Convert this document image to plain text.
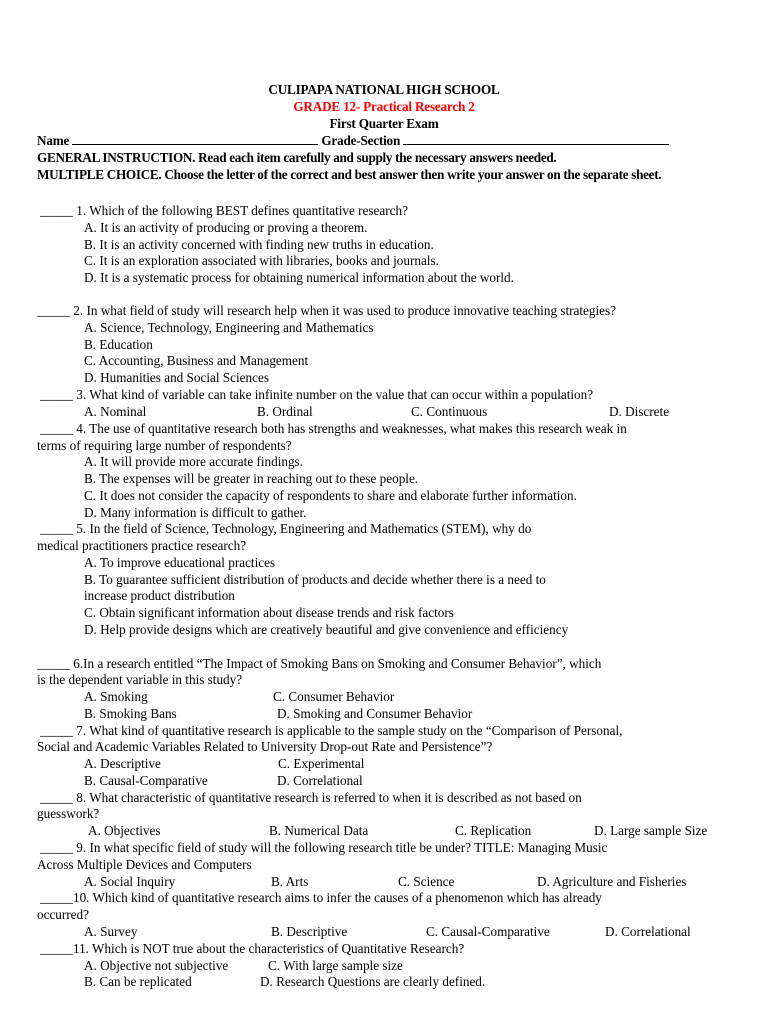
CULIPAPA NATIONAL HIGH SCHOOL
GRADE 12- Practical Research 2
First Quarter Exam
Name	Grade-Section
GENERAL INSTRUCTION. Read each item carefully and supply the necessary answers needed.
MULTIPLE CHOICE. Choose the letter of the correct and best answer then write your answer on the separate sheet.
_____ 1. Which of the following BEST defines quantitative research?
A. It is an activity of producing or proving a theorem.
B. It is an activity concerned with finding new truths in education.
C. It is an exploration associated with libraries, books and journals.
D. It is a systematic process for obtaining numerical information about the world.
_____ 2. In what field of study will research help when it was used to produce innovative teaching strategies?
A. Science, Technology, Engineering and Mathematics
B. Education
C. Accounting, Business and Management
D. Humanities and Social Sciences
_____ 3. What kind of variable can take infinite number on the value that can occur within a population?
A. Nominal	B. Ordinal	C. Continuous	D. Discrete
_____ 4. The use of quantitative research both has strengths and weaknesses, what makes this research weak in
terms of requiring large number of respondents?
A. It will provide more accurate findings.
B. The expenses will be greater in reaching out to these people.
C. It does not consider the capacity of respondents to share and elaborate further information.
D. Many information is difficult to gather.
_____ 5. In the field of Science, Technology, Engineering and Mathematics (STEM), why do
medical practitioners practice research?
A. To improve educational practices
B. To guarantee sufficient distribution of products and decide whether there is a need to
increase product distribution
C. Obtain significant information about disease trends and risk factors
D. Help provide designs which are creatively beautiful and give convenience and efficiency
_____ 6.In a research entitled “The Impact of Smoking Bans on Smoking and Consumer Behavior”, which
is the dependent variable in this study?
A. Smoking	C. Consumer Behavior
B. Smoking Bans	D. Smoking and Consumer Behavior
_____ 7. What kind of quantitative research is applicable to the sample study on the “Comparison of Personal,
Social and Academic Variables Related to University Drop-out Rate and Persistence”?
A. Descriptive	C. Experimental
B. Causal-Comparative	D. Correlational
_____ 8. What characteristic of quantitative research is referred to when it is described as not based on
guesswork?
A. Objectives	B. Numerical Data	C. Replication	D. Large sample Size
_____ 9. In what specific field of study will the following research title be under? TITLE: Managing Music
Across Multiple Devices and Computers
A. Social Inquiry	B. Arts	C. Science	D. Agriculture and Fisheries
_____10. Which kind of quantitative research aims to infer the causes of a phenomenon which has already
occurred?
A. Survey	B. Descriptive	C. Causal-Comparative	D. Correlational
_____11. Which is NOT true about the characteristics of Quantitative Research?
A. Objective not subjective	C. With large sample size
B. Can be replicated	D. Research Questions are clearly defined.
